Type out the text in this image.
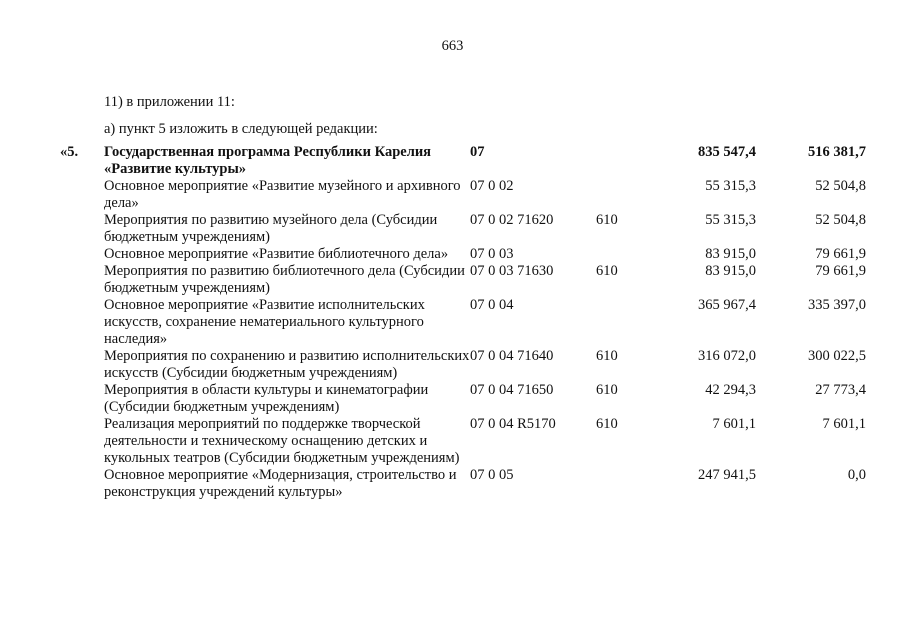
663
11) в приложении 11:
а) пункт 5 изложить в следующей редакции:
«5.	Государственная программа Республики Карелия «Развитие культуры»	07		835 547,4	516 381,7
	Основное мероприятие «Развитие музейного и архивного дела»	07 0 02		55 315,3	52 504,8
	Мероприятия по развитию музейного дела (Субсидии бюджетным учреждениям)	07 0 02 71620	610	55 315,3	52 504,8
	Основное мероприятие «Развитие библиотечного дела»	07 0 03		83 915,0	79 661,9
	Мероприятия по развитию библиотечного дела (Субсидии бюджетным учреждениям)	07 0 03 71630	610	83 915,0	79 661,9
	Основное мероприятие «Развитие исполнительских искусств, сохранение нематериального культурного наследия»	07 0 04		365 967,4	335 397,0
	Мероприятия по сохранению и развитию исполнительских искусств (Субсидии бюджетным учреждениям)	07 0 04 71640	610	316 072,0	300 022,5
	Мероприятия в области культуры и кинематографии (Субсидии бюджетным учреждениям)	07 0 04 71650	610	42 294,3	27 773,4
	Реализация мероприятий по поддержке творческой деятельности и техническому оснащению детских и кукольных театров (Субсидии бюджетным учреждениям)	07 0 04 R5170	610	7 601,1	7 601,1
	Основное мероприятие «Модернизация, строительство и реконструкция учреждений культуры»	07 0 05		247 941,5	0,0
